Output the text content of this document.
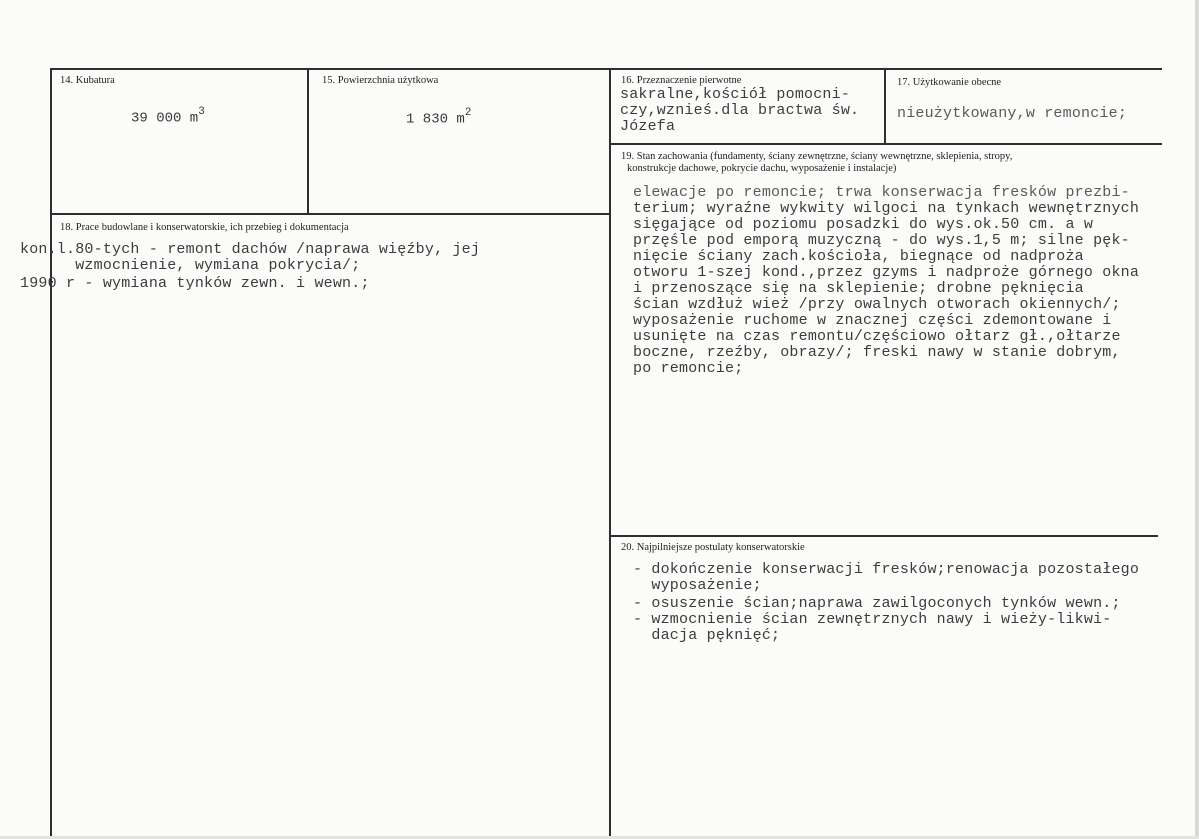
14. Kubatura
39 000 $m^3$
15. Powierzchnia użytkowa
1 830 $m^2$
16. Przeznaczenie pierwotne
sakralne,kościół pomocni-
czy,wznieś.dla bractwa św.
Józefa
17. Użytkowanie obecne
nieużytkowany,w remoncie;
18. Prace budowlane i konserwatorskie, ich przebieg i dokumentacja
kon.l.80-tych - remont dachów /naprawa więźby, jej
wzmocnienie, wymiana pokrycia/;
1990 r - wymiana tynków zewn. i wewn.;
19. Stan zachowania (fundamenty, ściany zewnętrzne, ściany wewnętrzne, sklepienia, stropy,
konstrukcje dachowe, pokrycie dachu, wyposażenie i instalacje)
elewacje po remoncie; trwa konserwacja fresków prezbi-
terium; wyraźne wykwity wilgoci na tynkach wewnętrznych
sięgające od poziomu posadzki do wys.ok.50 cm. a w
przęśle pod emporą muzyczną - do wys.1,5 m; silne pęk-
nięcie ściany zach.kościoła, biegnące od nadproża
otworu 1-szej kond.,przez gzyms i nadproże górnego okna
i przenoszące się na sklepienie; drobne pęknięcia
ścian wzdłuż wież /przy owalnych otworach okiennych/;
wyposażenie ruchome w znacznej części zdemontowane i
usunięte na czas remontu/częściowo ołtarz gł.,ołtarze
boczne, rzeźby, obrazy/; freski nawy w stanie dobrym,
po remoncie;
20. Najpilniejsze postulaty konserwatorskie
- dokończenie konserwacji fresków;renowacja pozostałego
wyposażenie;
- osuszenie ścian;naprawa zawilgoconych tynków wewn.;
- wzmocnienie ścian zewnętrznych nawy i wieży-likwi-
dacja pęknięć;
